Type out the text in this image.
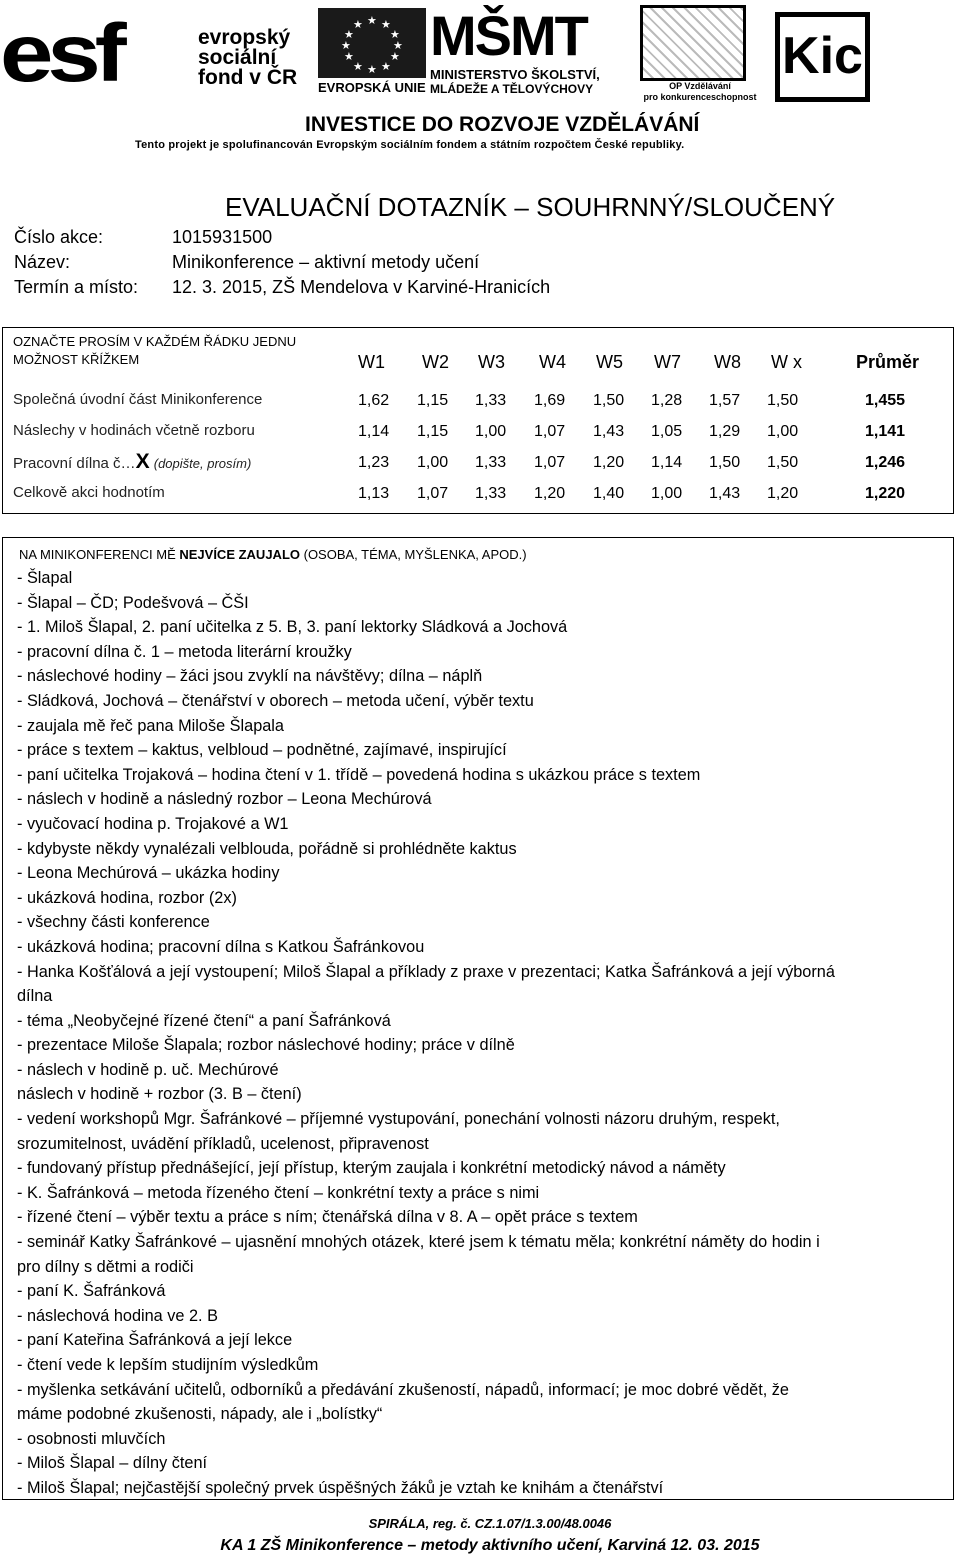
esf	evropský
sociální
fond v ČR
★ ★
★
★
★
★
★
★
★
★
★
★
EVROPSKÁ UNIE
MŠMT
MINISTERSTVO ŠKOLSTVÍ,
MLÁDEŽE A TĚLOVÝCHOVY	OP Vzdělávání
pro konkurenceschopnost
Kic
INVESTICE DO ROZVOJE VZDĚLÁVÁNÍ
Tento projekt je spolufinancován Evropským sociálním fondem a státním rozpočtem České republiky.
EVALUAČNÍ DOTAZNÍK – SOUHRNNÝ/SLOUČENÝ
Číslo akce:	1015931500
Název:	Minikonference – aktivní metody učení
Termín a místo: 12. 3. 2015, ZŠ Mendelova v Karviné-Hranicích
OZNAČTE PROSÍM V KAŽDÉM ŘÁDKU JEDNU
MOŽNOST KŘÍŽKEM	W1 W2 W3 W4 W5 W7 W8 W x	Průměr
Společná úvodní část Minikonference	1,62 1,15 1,33 1,69 1,50 1,28 1,57 1,50	1,455
Náslechy v hodinách včetně rozboru	1,14 1,15 1,00 1,07 1,43 1,05 1,29 1,00	1,141
Pracovní dílna č…X (dopište, prosím)	1,23 1,00 1,33 1,07 1,20 1,14 1,50 1,50	1,246
Celkově akci hodnotím	1,13 1,07 1,33 1,20 1,40 1,00 1,43 1,20	1,220
NA MINIKONFERENCI MĚ NEJVÍCE ZAUJALO (OSOBA, TÉMA, MYŠLENKA, APOD.)
- Šlapal
- Šlapal – ČD; Podešvová – ČŠI
- 1. Miloš Šlapal, 2. paní učitelka z 5. B, 3. paní lektorky Sládková a Jochová
- pracovní dílna č. 1 – metoda literární kroužky
- náslechové hodiny – žáci jsou zvyklí na návštěvy; dílna – náplň
- Sládková, Jochová – čtenářství v oborech – metoda učení, výběr textu
- zaujala mě řeč pana Miloše Šlapala
- práce s textem – kaktus, velbloud – podnětné, zajímavé, inspirující
- paní učitelka Trojaková – hodina čtení v 1. třídě – povedená hodina s ukázkou práce s textem
- náslech v hodině a následný rozbor – Leona Mechúrová
- vyučovací hodina p. Trojakové a W1
- kdybyste někdy vynalézali velblouda, pořádně si prohlédněte kaktus
- Leona Mechúrová – ukázka hodiny
- ukázková hodina, rozbor (2x)
- všechny části konference
- ukázková hodina; pracovní dílna s Katkou Šafránkovou
- Hanka Košťálová a její vystoupení; Miloš Šlapal a příklady z praxe v prezentaci; Katka Šafránková a její výborná
dílna
- téma „Neobyčejné řízené čtení“ a paní Šafránková
- prezentace Miloše Šlapala; rozbor náslechové hodiny; práce v dílně
- náslech v hodině p. uč. Mechúrové
náslech v hodině + rozbor (3. B – čtení)
- vedení workshopů Mgr. Šafránkové – příjemné vystupování, ponechání volnosti názoru druhým, respekt,
srozumitelnost, uvádění příkladů, ucelenost, připravenost
- fundovaný přístup přednášející, její přístup, kterým zaujala i konkrétní metodický návod a náměty
- K. Šafránková – metoda řízeného čtení – konkrétní texty a práce s nimi
- řízené čtení – výběr textu a práce s ním; čtenářská dílna v 8. A – opět práce s textem
- seminář Katky Šafránkové – ujasnění mnohých otázek, které jsem k tématu měla; konkrétní náměty do hodin i
pro dílny s dětmi a rodiči
- paní K. Šafránková
- náslechová hodina ve 2. B
- paní Kateřina Šafránková a její lekce
- čtení vede k lepším studijním výsledkům
- myšlenka setkávání učitelů, odborníků a předávání zkušeností, nápadů, informací; je moc dobré vědět, že
máme podobné zkušenosti, nápady, ale i „bolístky“
- osobnosti mluvčích
- Miloš Šlapal – dílny čtení
- Miloš Šlapal; nejčastější společný prvek úspěšných žáků je vztah ke knihám a čtenářství
SPIRÁLA, reg. č. CZ.1.07/1.3.00/48.0046
KA 1 ZŠ Minikonference – metody aktivního učení, Karviná 12. 03. 2015
